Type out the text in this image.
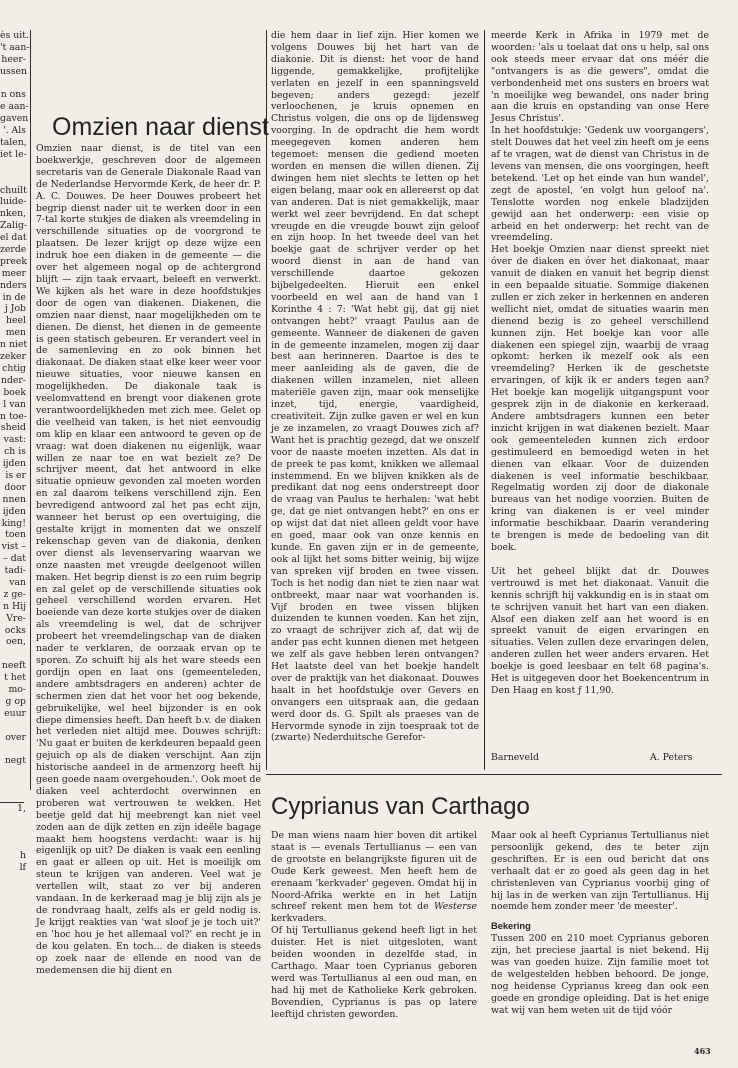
ès uit.
't aan-
heer-
ussen
n ons
e aan-
gaven
'. Als
talen,
iet le-
chuilt
luide-
nken,
Zalig-
el dat
zerde
preek
meer
nders
in de
j Job
heel
men
n niet
zeker
chtig
nder-
boek
l van
n toe-
sheid
vast:
ch is
ijden
is er
door
nnen
ijden
king!
toen
vist –
– dat
tadi-
van
z ge-
n Hij
Vre-
ocks
oen,
neeft
t het
mo-
g op
euur
over
negt
1,
h
lf
Omzien naar dienst

Omzien naar dienst, is de titel van een boekwerkje, geschreven door de algemeen secretaris van de Generale Diakonale Raad van de Nederlandse Hervormde Kerk, de heer dr. P. A. C. Douwes. De heer Douwes probeert het begrip dienst nader uit te werken door in een 7-tal korte stukjes de diaken als vreemdeling in verschillende situaties op de voorgrond te plaatsen. De lezer krijgt op deze wijze een indruk hoe een diaken in de gemeente — die over het algemeen nogal op de achtergrond blijft — zijn taak ervaart, beleeft en verwerkt. We kijken als het ware in deze hoofdstukjes door de ogen van diakenen. Diakenen, die omzien naar dienst, naar mogelijkheden om te dienen. De dienst, het dienen in de gemeente is geen statisch gebeuren. Er verandert veel in de samenleving en zo ook binnen het diakonaat. De diaken staat elke keer weer voor nieuwe situaties, voor nieuwe kansen en mogelijkheden. De diakonale taak is veelomvattend en brengt voor diakenen grote verantwoordelijkheden met zich mee. Gelet op die veelheid van taken, is het niet eenvoudig om klip en klaar een antwoord te geven op de vraag: wat doen diakenen nu eigenlijk, waar willen ze naar toe en wat bezielt ze? De schrijver meent, dat het antwoord in elke situatie opnieuw gevonden zal moeten worden en zal daarom telkens verschillend zijn. Een bevredigend antwoord zal het pas echt zijn, wanneer het berust op een overtuiging, die gestalte krijgt in momenten dat we onszelf rekenschap geven van de diakonia, denken over dienst als levenservaring waarvan we onze naasten met vreugde deelgenoot willen maken. Het begrip dienst is zo een ruim begrip en zal gelet op de verschillende situaties ook geheel verschillend worden ervaren. Het boeiende van deze korte stukjes over de diaken als vreemdeling is wel, dat de schrijver probeert het vreemdelingschap van de diaken nader te verklaren, de oorzaak ervan op te sporen. Zo schuift hij als het ware steeds een gordijn open en laat ons (gemeenteleden, andere ambtsdragers en anderen) achter de schermen zien dat het voor het oog bekende, gebruikelijke, wel heel bijzonder is en ook diepe dimensies heeft. Dan heeft b.v. de diaken het verleden niet altijd mee. Douwes schrijft: 'Nu gaat er buiten de kerkdeuren bepaald geen gejuich op als de diaken verschijnt. Aan zijn historische aandeel in de armenzorg heeft hij geen goede naam overgehouden.'. Ook moet de diaken veel achterdocht overwinnen en proberen wat vertrouwen te wekken. Het beetje geld dat hij meebrengt kan niet veel zoden aan de dijk zetten en zijn ideële bagage maakt hem hoogstens verdacht: waar is hij eigenlijk op uit? De diaken is vaak een eenling en gaat er alleen op uit. Het is moeilijk om steun te krijgen van anderen. Veel wat je vertellen wilt, staat zo ver bij anderen vandaan. In de kerkeraad mag je blij zijn als je de rondvraag haalt, zelfs als er geld nodig is. Je krijgt reakties van 'wat sloof je je toch uit?' en 'hoc hou je het allemaal vol?' en recht je in de kou gelaten. En toch... de diaken is steeds op zoek naar de ellende en nood van de medemensen die hij dient en

die hem daar in lief zijn. Hier komen we volgens Douwes bij het hart van de diakonie. Dit is dienst: het voor de hand liggende, gemakkelijke, profijtelijke verlaten en jezelf in een spanningsveld begeven; anders gezegd: jezelf verloochenen, je kruis opnemen en Christus volgen, die ons op de lijdensweg voorging. In de opdracht die hem wordt meegegeven komen anderen hem tegemoet: mensen die gediend moeten worden en mensen die willen dienen. Zij dwingen hem niet slechts te letten op het eigen belang, maar ook en allereerst op dat van anderen. Dat is niet gemakkelijk, maar werkt wel zeer bevrijdend. En dat schept vreugde en die vreugde bouwt zijn geloof en zijn hoop. In het tweede deel van het boekje gaat de schrijver verder op het woord dienst in aan de hand van verschillende daartoe gekozen bijbelgedeelten. Hieruit een enkel voorbeeld en wel aan de hand van 1 Korinthe 4 : 7: 'Wat hebt gij, dat gij niet ontvangen hebt?' vraagt Paulus aan de gemeente. Wanneer de diakenen de gaven in de gemeente inzamelen, mogen zij daar best aan herinneren. Daartoe is des te meer aanleiding als de gaven, die de diakenen willen inzamelen, niet alleen materiële gaven zijn, maar ook menselijke inzet, tijd, energie, vaardigheid, creativiteit. Zijn zulke gaven er wel en kun je ze inzamelen, zo vraagt Douwes zich af? Want het is prachtig gezegd, dat we onszelf voor de naaste moeten inzetten. Als dat in de preek te pas komt, knikken we allemaal instemmend. En we blijven knikken als de predikant dat nog eens onderstreept door de vraag van Paulus te herhalen: 'wat hebt ge, dat ge niet ontvangen hebt?' en ons er op wijst dat dat niet alleen geldt voor have en goed, maar ook van onze kennis en kunde. En gaven zijn er in de gemeente, ook al lijkt het soms bitter weinig, bij wijze van spreken vijf broden en twee vissen. Toch is het nodig dan niet te zien naar wat ontbreekt, maar naar wat voorhanden is. Vijf broden en twee vissen blijken duizenden te kunnen voeden. Kan het zijn, zo vraagt de schrijver zich af, dat wij de ander pas echt kunnen dienen met hetgeen we zelf als gave hebben leren ontvangen? Het laatste deel van het boekje handelt over de praktijk van het diakonaat. Douwes haalt in het hoofdstukje over Gevers en onvangers een uitspraak aan, die gedaan werd door ds. G. Spilt als praeses van de Hervormde synode in zijn toespraak tot de (zwarte) Nederduitsche Gerefor-

meerde Kerk in Afrika in 1979 met de woorden: 'als u toelaat dat ons u help, sal ons ook steeds meer ervaar dat ons méér die "ontvangers is as die gewers", omdat die verbondenheid met ons susters en broers wat 'n moeilijke weg bewandel, ons nader bring aan die kruis en opstanding van onse Here Jesus Christus'.

In het hoofdstukje: 'Gedenk uw voorgangers', stelt Douwes dat het veel zin heeft om je eens af te vragen, wat de dienst van Christus in de levens van mensen, die ons voorgingen, heeft betekend. 'Let op het einde van hun wandel', zegt de apostel, 'en volgt hun geloof na'. Tenslotte worden nog enkele bladzijden gewijd aan het onderwerp: een visie op arbeid en het onderwerp: het recht van de vreemdeling.

Het boekje Omzien naar dienst spreekt niet óver de diaken en óver het diakonaat, maar vanuit de diaken en vanuit het begrip dienst in een bepaalde situatie. Sommige diakenen zullen er zich zeker in herkennen en anderen wellicht niet, omdat de situaties waarin men dienend bezig is zo geheel verschillend kunnen zijn. Het boekje kan voor alle diakenen een spiegel zijn, waarbij de vraag opkomt: herken ik mezelf ook als een vreemdeling? Herken ik de geschetste ervaringen, of kijk ik er anders tegen aan? Het boekje kan mogelijk uitgangspunt voor gesprek zijn in de diakonie en kerkeraad. Andere ambtsdragers kunnen een beter inzicht krijgen in wat diakenen bezielt. Maar ook gemeenteleden kunnen zich erdoor gestimuleerd en bemoedigd weten in het dienen van elkaar. Voor de duizenden diakenen is veel informatie beschikbaar. Regelmatig worden zij door de diakonale bureaus van het nodige voorzien. Buiten de kring van diakenen is er veel minder informatie beschikbaar. Daarin verandering te brengen is mede de bedoeling van dit boek.

Uit het geheel blijkt dat dr. Douwes vertrouwd is met het diakonaat. Vanuit die kennis schrijft hij vakkundig en is in staat om te schrijven vanuit het hart van een diaken. Alsof een diaken zelf aan het woord is en spreekt vanuit de eigen ervaringen en situaties. Velen zullen deze ervaringen delen, anderen zullen het weer anders ervaren. Het boekje is goed leesbaar en telt 68 pagina's. Het is uitgegeven door het Boekencentrum in Den Haag en kost ƒ 11,90.

Barneveld	A. Peters
Cyprianus van Carthago

De man wiens naam hier boven dit artikel staat is — evenals Tertullianus — een van de grootste en belangrijkste figuren uit de Oude Kerk geweest. Men heeft hem de erenaam 'kerkvader' gegeven. Omdat hij in Noord-Afrika werkte en in het Latijn schreef rekent men hem tot de Westerse kerkvaders.

Of hij Tertullianus gekend heeft ligt in het duister. Het is niet uitgesloten, want beiden woonden in dezelfde stad, in Carthago. Maar toen Cyprianus geboren werd was Tertullianus al een oud man, en had hij met de Katholieke Kerk gebroken. Bovendien, Cyprianus is pas op latere leeftijd christen geworden.

Maar ook al heeft Cyprianus Tertullianus niet persoonlijk gekend, des te beter zijn geschriften. Er is een oud bericht dat ons verhaalt dat er zo goed als geen dag in het christenleven van Cyprianus voorbij ging of hij las in de werken van zijn Tertullianus. Hij noemde hem zonder meer 'de meester'.

Bekering

Tussen 200 en 210 moet Cyprianus geboren zijn, het preciese jaartal is niet bekend. Hij was van goeden huize. Zijn familie moet tot de welgestelden hebben behoord. De jonge, nog heidense Cyprianus kreeg dan ook een goede en grondige opleiding. Dat is het enige wat wij van hem weten uit de tijd vóór

463
